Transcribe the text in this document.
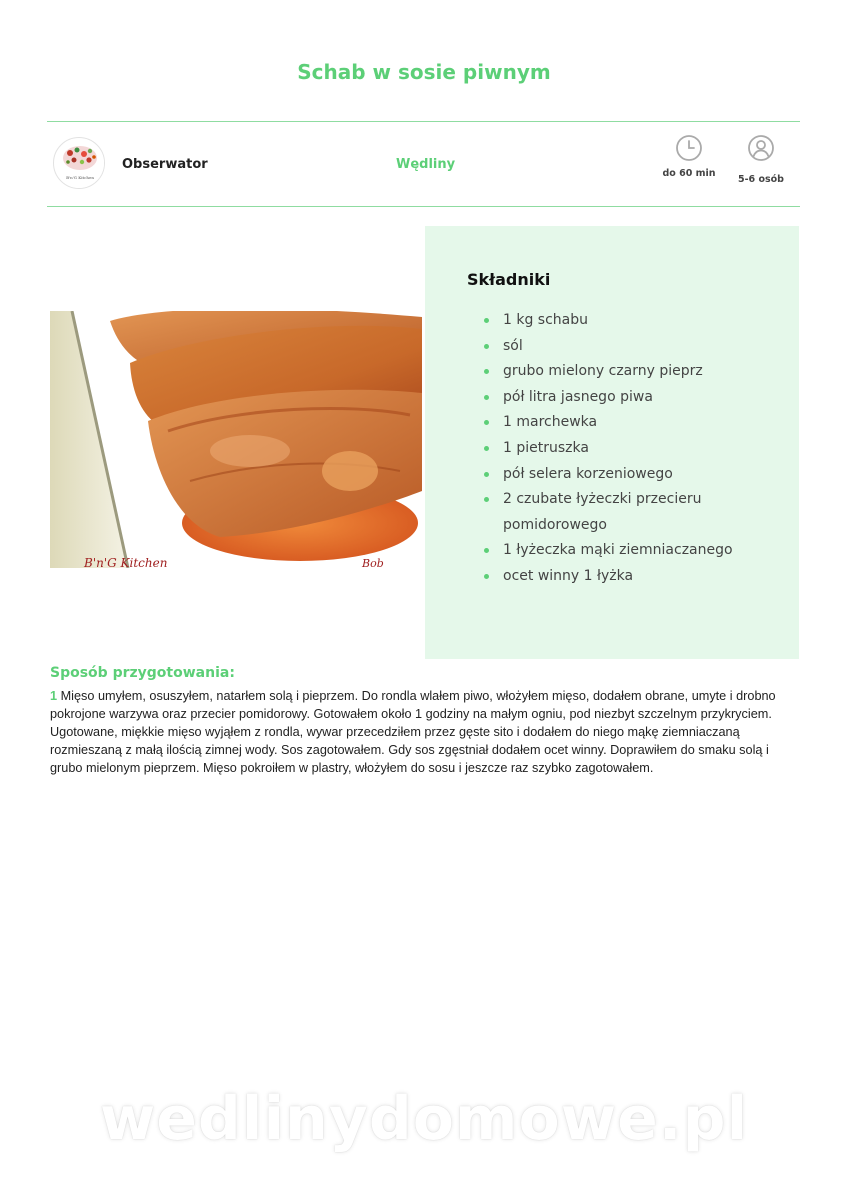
Schab w sosie piwnym
B'n'G Kitchen
Obserwator	Wędliny
do 60 min
5-6 osób
B'n'G Kitchen	Bob
Składniki
1 kg schabu
sól
grubo mielony czarny pieprz
pół litra jasnego piwa
1 marchewka
1 pietruszka
pół selera korzeniowego
2 czubate łyżeczki przecieru pomidorowego
1 łyżeczka mąki ziemniaczanego
ocet winny 1 łyżka
Sposób przygotowania:
1 Mięso umyłem, osuszyłem, natarłem solą i pieprzem. Do rondla wlałem piwo, włożyłem mięso, dodałem obrane, umyte i drobno pokrojone warzywa oraz przecier pomidorowy. Gotowałem około 1 godziny na małym ogniu, pod niezbyt szczelnym przykryciem. Ugotowane, miękkie mięso wyjąłem z rondla, wywar przecedziłem przez gęste sito i dodałem do niego mąkę ziemniaczaną rozmieszaną z małą ilością zimnej wody. Sos zagotowałem. Gdy sos zgęstniał dodałem ocet winny. Doprawiłem do smaku solą i grubo mielonym pieprzem. Mięso pokroiłem w plastry, włożyłem do sosu i jeszcze raz szybko zagotowałem.
wedlinydomowe.pl
